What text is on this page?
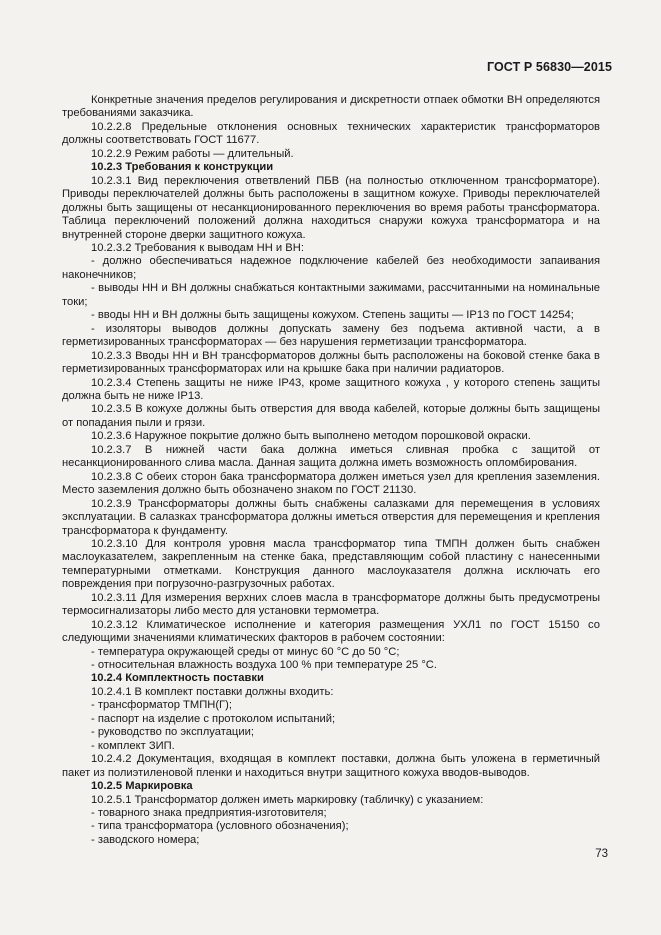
ГОСТ Р 56830—2015

Конкретные значения пределов регулирования и дискретности отпаек обмотки ВН определяются требованиями заказчика.

10.2.2.8 Предельные отклонения основных технических характеристик трансформаторов должны соответствовать ГОСТ 11677.

10.2.2.9 Режим работы — длительный.

10.2.3 Требования к конструкции

10.2.3.1 Вид переключения ответвлений ПБВ (на полностью отключенном трансформаторе). Приводы переключателей должны быть расположены в защитном кожухе. Приводы переключателей должны быть защищены от несанкционированного переключения во время работы трансформатора. Таблица переключений положений должна находиться снаружи кожуха трансформатора и на внутренней стороне дверки защитного кожуха.

10.2.3.2 Требования к выводам НН и ВН:

- должно обеспечиваться надежное подключение кабелей без необходимости запаивания наконечников;

- выводы НН и ВН должны снабжаться контактными зажимами, рассчитанными на номинальные токи;

- вводы НН и ВН должны быть защищены кожухом. Степень защиты — IP13 по ГОСТ 14254;

- изоляторы выводов должны допускать замену без подъема активной части, а в герметизированных трансформаторах — без нарушения герметизации трансформатора.

10.2.3.3 Вводы НН и ВН трансформаторов должны быть расположены на боковой стенке бака в герметизированных трансформаторах или на крышке бака при наличии радиаторов.

10.2.3.4 Степень защиты не ниже IP43, кроме защитного кожуха , у которого степень защиты должна быть не ниже IP13.

10.2.3.5 В кожухе должны быть отверстия для ввода кабелей, которые должны быть защищены от попадания пыли и грязи.

10.2.3.6 Наружное покрытие должно быть выполнено методом порошковой окраски.

10.2.3.7 В нижней части бака должна иметься сливная пробка с защитой от несанкционированного слива масла. Данная защита должна иметь возможность опломбирования.

10.2.3.8 С обеих сторон бака трансформатора должен иметься узел для крепления заземления. Место заземления должно быть обозначено знаком по ГОСТ 21130.

10.2.3.9 Трансформаторы должны быть снабжены салазками для перемещения в условиях эксплуатации. В салазках трансформатора должны иметься отверстия для перемещения и крепления трансформатора к фундаменту.

10.2.3.10 Для контроля уровня масла трансформатор типа ТМПН должен быть снабжен маслоуказателем, закрепленным на стенке бака, представляющим собой пластину с нанесенными температурными отметками. Конструкция данного маслоуказателя должна исключать его повреждения при погрузочно-разгрузочных работах.

10.2.3.11 Для измерения верхних слоев масла в трансформаторе должны быть предусмотрены термосигнализаторы либо место для установки термометра.

10.2.3.12 Климатическое исполнение и категория размещения УХЛ1 по ГОСТ 15150 со следующими значениями климатических факторов в рабочем состоянии:

- температура окружающей среды от минус 60 °С до 50 °С;

- относительная влажность воздуха 100 % при температуре 25 °С.

10.2.4 Комплектность поставки

10.2.4.1 В комплект поставки должны входить:

- трансформатор ТМПН(Г);

- паспорт на изделие с протоколом испытаний;

- руководство по эксплуатации;

- комплект ЗИП.

10.2.4.2 Документация, входящая в комплект поставки, должна быть уложена в герметичный пакет из полиэтиленовой пленки и находиться внутри защитного кожуха вводов-выводов.

10.2.5 Маркировка

10.2.5.1 Трансформатор должен иметь маркировку (табличку) с указанием:

- товарного знака предприятия-изготовителя;

- типа трансформатора (условного обозначения);

- заводского номера;

73
